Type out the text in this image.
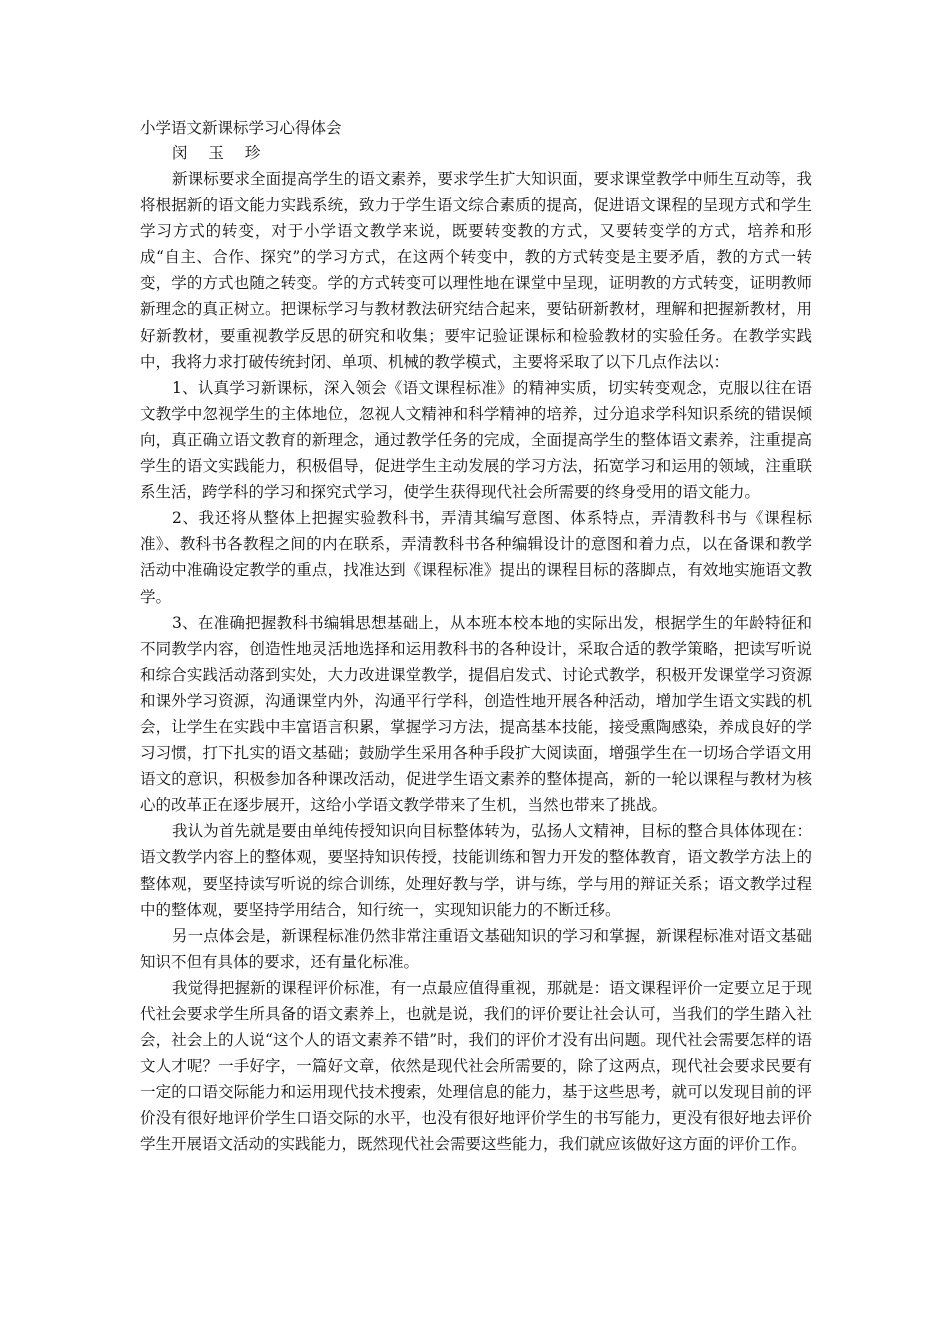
小学语文新课标学习心得体会

闵 玉 珍

新课标要求全面提高学生的语文素养，要求学生扩大知识面，要求课堂教学中师生互动等，我将根据新的语文能力实践系统，致力于学生语文综合素质的提高，促进语文课程的呈现方式和学生学习方式的转变，对于小学语文教学来说，既要转变教的方式，又要转变学的方式，培养和形成“自主、合作、探究”的学习方式，在这两个转变中，教的方式转变是主要矛盾，教的方式一转变，学的方式也随之转变。学的方式转变可以理性地在课堂中呈现，证明教的方式转变，证明教师新理念的真正树立。把课标学习与教材教法研究结合起来，要钻研新教材，理解和把握新教材，用好新教材，要重视教学反思的研究和收集；要牢记验证课标和检验教材的实验任务。在教学实践中，我将力求打破传统封闭、单项、机械的教学模式，主要将采取了以下几点作法以：

1、认真学习新课标，深入领会《语文课程标准》的精神实质，切实转变观念，克服以往在语文教学中忽视学生的主体地位，忽视人文精神和科学精神的培养，过分追求学科知识系统的错误倾向，真正确立语文教育的新理念，通过教学任务的完成，全面提高学生的整体语文素养，注重提高学生的语文实践能力，积极倡导，促进学生主动发展的学习方法，拓宽学习和运用的领域，注重联系生活，跨学科的学习和探究式学习，使学生获得现代社会所需要的终身受用的语文能力。

2、我还将从整体上把握实验教科书，弄清其编写意图、体系特点，弄清教科书与《课程标准》、教科书各教程之间的内在联系，弄清教科书各种编辑设计的意图和着力点，以在备课和教学活动中准确设定教学的重点，找准达到《课程标准》提出的课程目标的落脚点，有效地实施语文教学。

3、在准确把握教科书编辑思想基础上，从本班本校本地的实际出发，根据学生的年龄特征和不同教学内容，创造性地灵活地选择和运用教科书的各种设计，采取合适的教学策略，把读写听说和综合实践活动落到实处，大力改进课堂教学，提倡启发式、讨论式教学，积极开发课堂学习资源和课外学习资源，沟通课堂内外，沟通平行学科，创造性地开展各种活动，增加学生语文实践的机会，让学生在实践中丰富语言积累，掌握学习方法，提高基本技能，接受熏陶感染，养成良好的学习习惯，打下扎实的语文基础；鼓励学生采用各种手段扩大阅读面，增强学生在一切场合学语文用语文的意识，积极参加各种课改活动，促进学生语文素养的整体提高，新的一轮以课程与教材为核心的改革正在逐步展开，这给小学语文教学带来了生机，当然也带来了挑战。

我认为首先就是要由单纯传授知识向目标整体转为，弘扬人文精神，目标的整合具体体现在：语文教学内容上的整体观，要坚持知识传授，技能训练和智力开发的整体教育，语文教学方法上的整体观，要坚持读写听说的综合训练，处理好教与学，讲与练，学与用的辩证关系；语文教学过程中的整体观，要坚持学用结合，知行统一，实现知识能力的不断迁移。

另一点体会是，新课程标准仍然非常注重语文基础知识的学习和掌握，新课程标准对语文基础知识不但有具体的要求，还有量化标准。

我觉得把握新的课程评价标准，有一点最应值得重视，那就是：语文课程评价一定要立足于现代社会要求学生所具备的语文素养上，也就是说，我们的评价要让社会认可，当我们的学生踏入社会，社会上的人说“这个人的语文素养不错”时，我们的评价才没有出问题。现代社会需要怎样的语文人才呢？一手好字，一篇好文章，依然是现代社会所需要的，除了这两点，现代社会要求民要有一定的口语交际能力和运用现代技术搜索，处理信息的能力，基于这些思考，就可以发现目前的评价没有很好地评价学生口语交际的水平，也没有很好地评价学生的书写能力，更没有很好地去评价学生开展语文活动的实践能力，既然现代社会需要这些能力，我们就应该做好这方面的评价工作。
